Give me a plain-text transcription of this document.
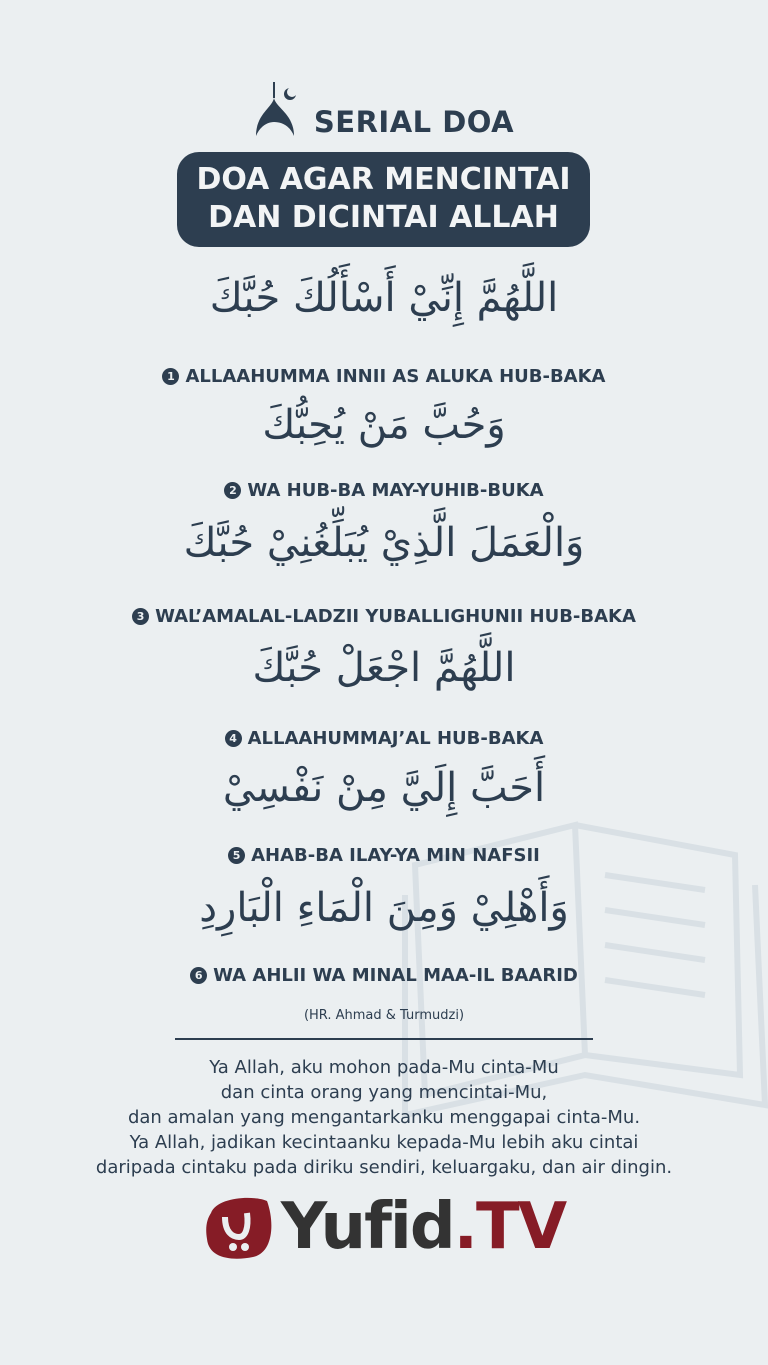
SERIAL DOA
DOA AGAR MENCINTAI
DAN DICINTAI ALLAH
اللَّهُمَّ إِنِّيْ أَسْأَلُكَ حُبَّكَ
1 ALLAAHUMMA INNII AS ALUKA HUB-BAKA
وَحُبَّ مَنْ يُحِبُّكَ
2 WA HUB-BA MAY-YUHIB-BUKA
وَالْعَمَلَ الَّذِيْ يُبَلِّغُنِيْ حُبَّكَ
3 WAL’AMALAL-LADZII YUBALLIGHUNII HUB-BAKA
اللَّهُمَّ اجْعَلْ حُبَّكَ
4 ALLAAHUMMAJ’AL HUB-BAKA
أَحَبَّ إِلَيَّ مِنْ نَفْسِيْ
5 AHAB-BA ILAY-YA MIN NAFSII
وَأَهْلِيْ وَمِنَ الْمَاءِ الْبَارِدِ
6 WA AHLII WA MINAL MAA-IL BAARID
(HR. Ahmad & Turmudzi)
Ya Allah, aku mohon pada-Mu cinta-Mu
dan cinta orang yang mencintai-Mu,
dan amalan yang mengantarkanku menggapai cinta-Mu.
Ya Allah, jadikan kecintaanku kepada-Mu lebih aku cintai
daripada cintaku pada diriku sendiri, keluargaku, dan air dingin.
Yufid.TV
